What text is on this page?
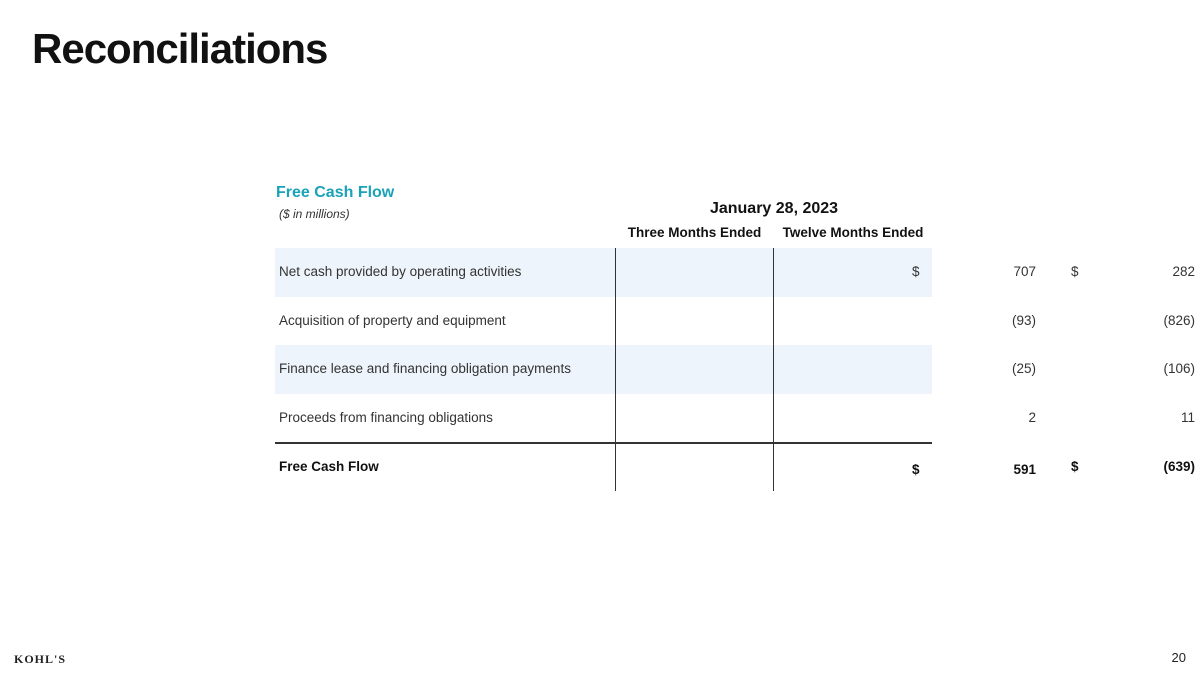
Reconciliations
Free Cash Flow
($ in millions)	January 28, 2023
Three Months Ended	Twelve Months Ended
Net cash provided by operating activities	$	707	$	282
Acquisition of property and equipment	(93)	(826)
Finance lease and financing obligation payments	(25)	(106)
Proceeds from financing obligations	2	11
Free Cash Flow	$	591	$	(639)
KOHL'S	20
